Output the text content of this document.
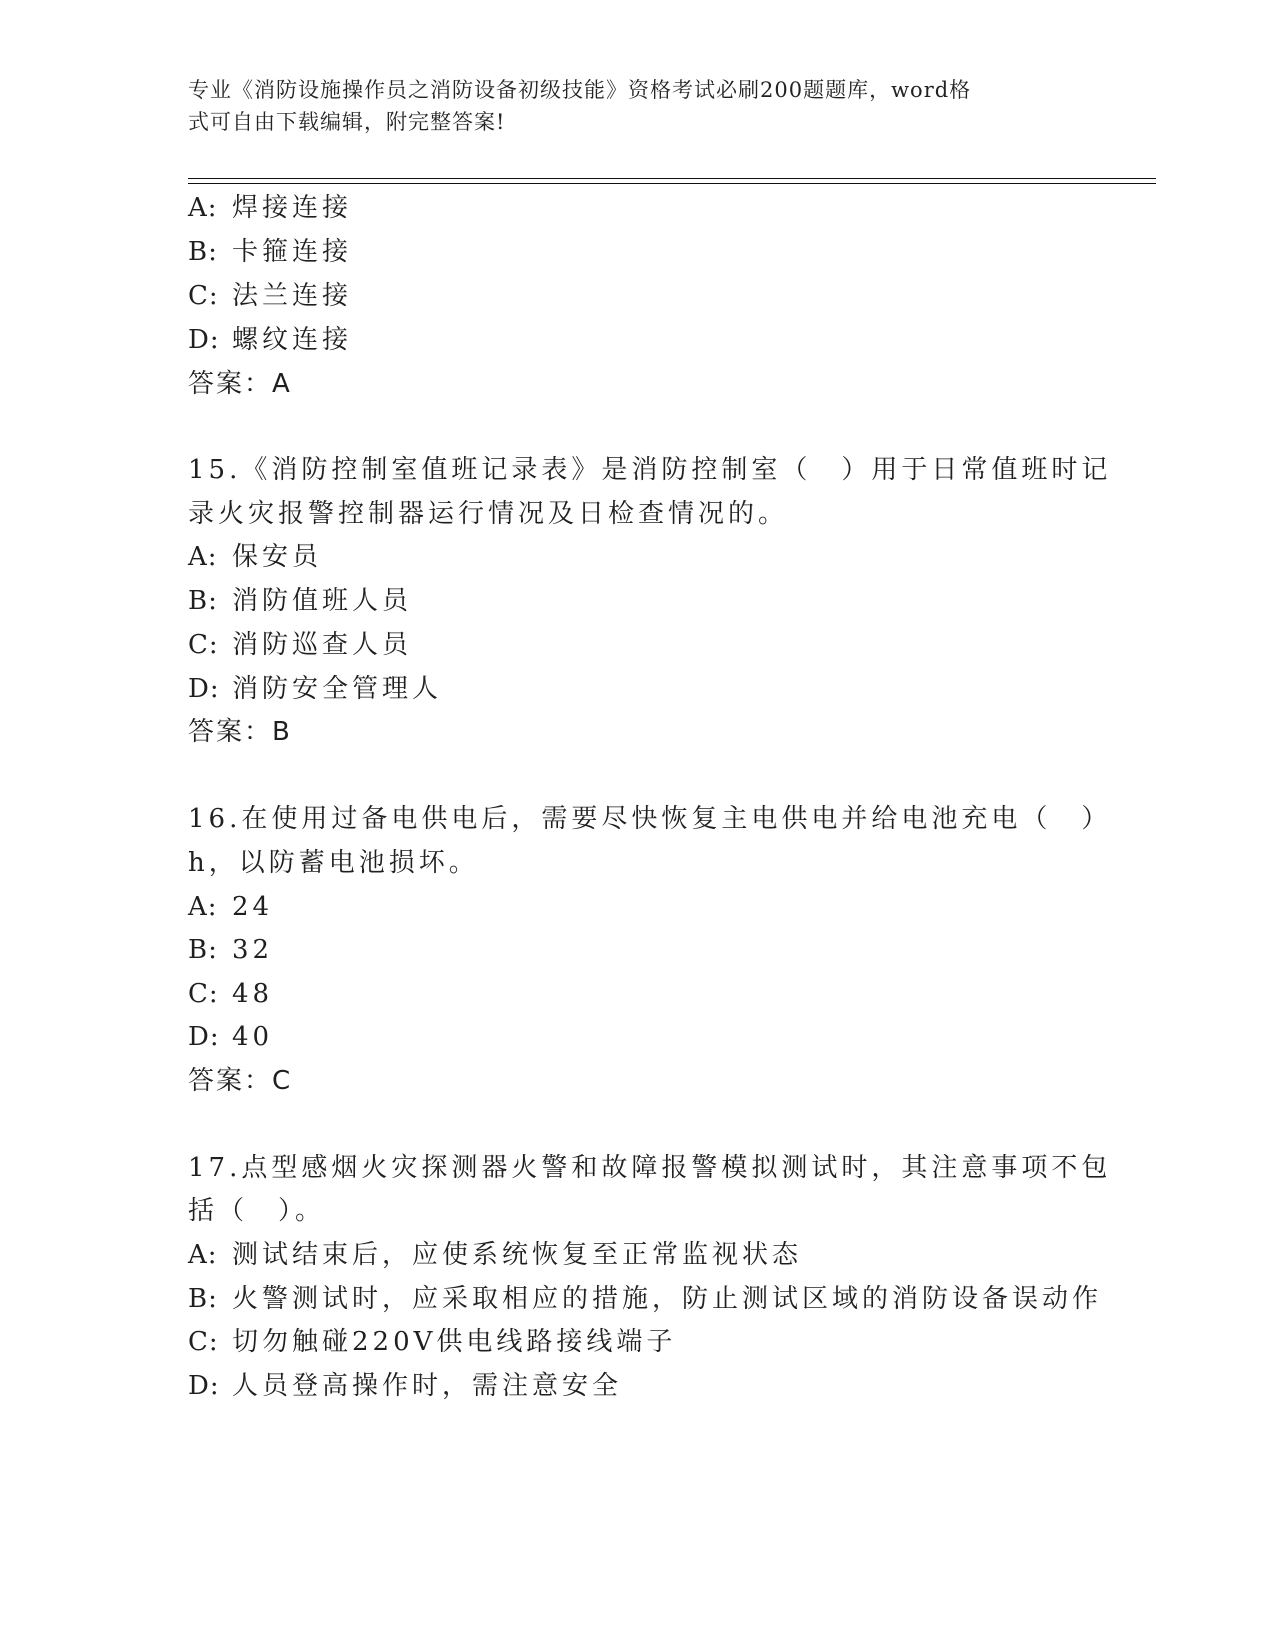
专业《消防设施操作员之消防设备初级技能》资格考试必刷200题题库，word格
式可自由下载编辑，附完整答案!
A: 焊接连接
B: 卡箍连接
C: 法兰连接
D: 螺纹连接
答案：A
15.《消防控制室值班记录表》是消防控制室（　）用于日常值班时记
录火灾报警控制器运行情况及日检查情况的。
A: 保安员
B: 消防值班人员
C: 消防巡查人员
D: 消防安全管理人
答案：B
16.在使用过备电供电后，需要尽快恢复主电供电并给电池充电（　）
h，以防蓄电池损坏。
A: 24
B: 32
C: 48
D: 40
答案：C
17.点型感烟火灾探测器火警和故障报警模拟测试时，其注意事项不包
括（　）。
A: 测试结束后，应使系统恢复至正常监视状态
B: 火警测试时，应采取相应的措施，防止测试区域的消防设备误动作
C: 切勿触碰220V供电线路接线端子
D: 人员登高操作时，需注意安全
